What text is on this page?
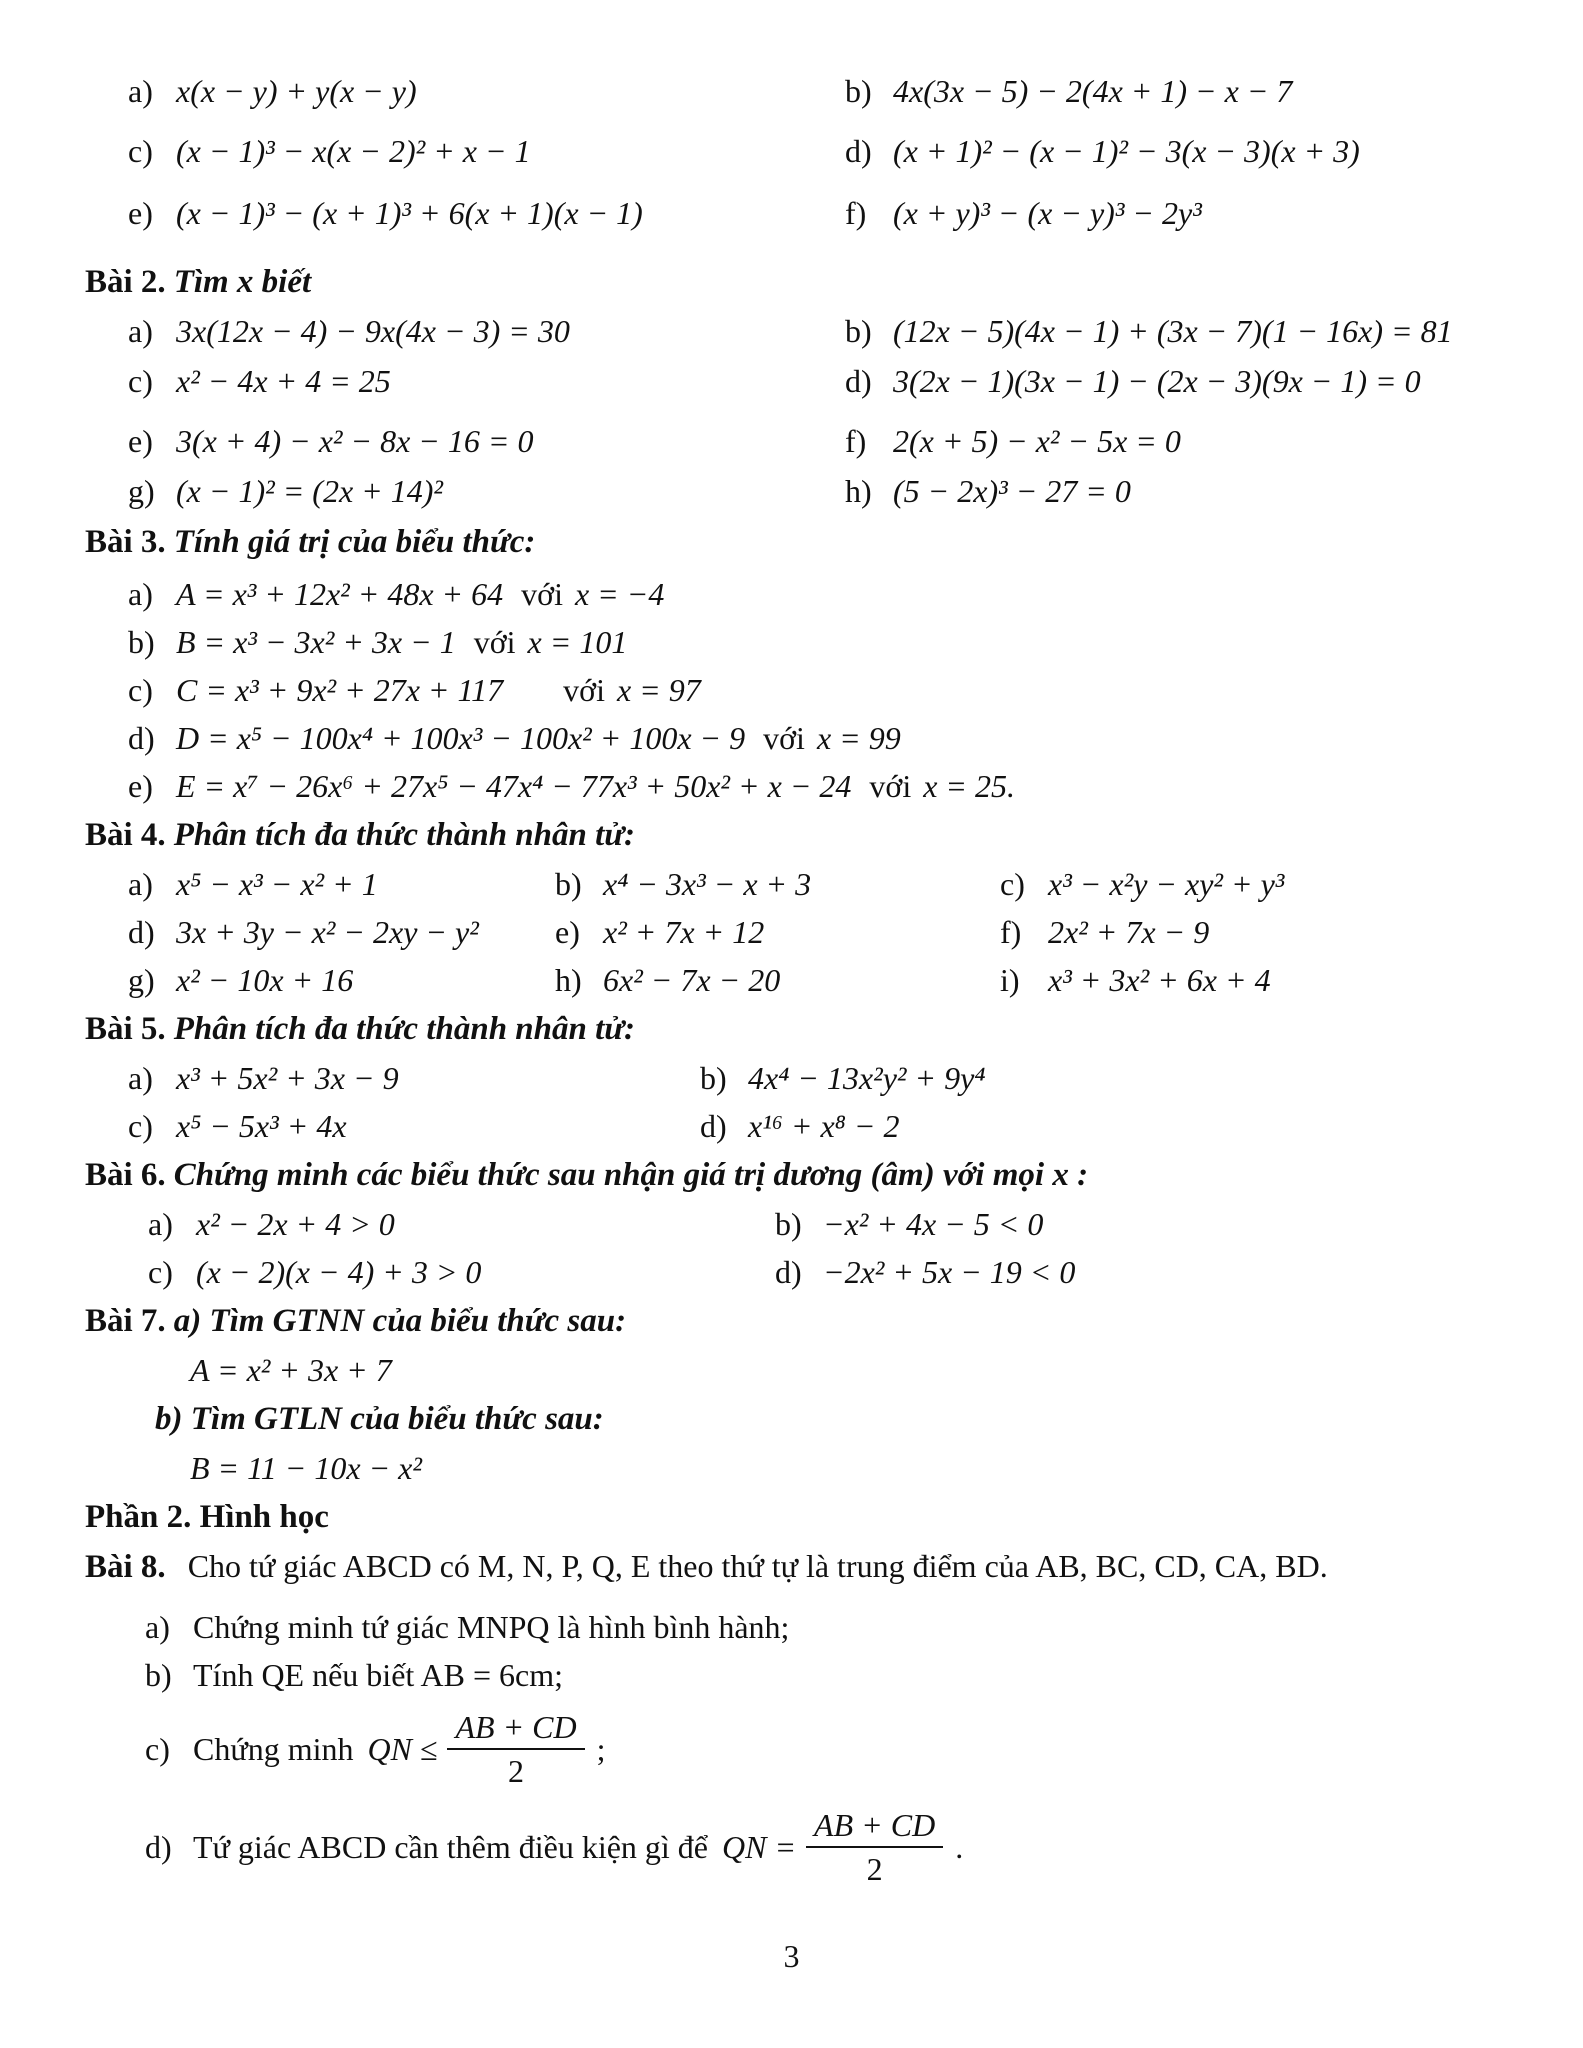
a) x(x − y) + y(x − y)	b) 4x(3x − 5) − 2(4x + 1) − x − 7
c) (x − 1)³ − x(x − 2)² + x − 1	d) (x + 1)² − (x − 1)² − 3(x − 3)(x + 3)
e) (x − 1)³ − (x + 1)³ + 6(x + 1)(x − 1)	f) (x + y)³ − (x − y)³ − 2y³
Bài 2. Tìm x biết
a) 3x(12x − 4) − 9x(4x − 3) = 30	b) (12x − 5)(4x − 1) + (3x − 7)(1 − 16x) = 81
c) x² − 4x + 4 = 25	d) 3(2x − 1)(3x − 1) − (2x − 3)(9x − 1) = 0
e) 3(x + 4) − x² − 8x − 16 = 0	f) 2(x + 5) − x² − 5x = 0
g) (x − 1)² = (2x + 14)²	h) (5 − 2x)³ − 27 = 0
Bài 3. Tính giá trị của biểu thức:
a) A = x³ + 12x² + 48x + 64 với x = −4
b) B = x³ − 3x² + 3x − 1 với x = 101
c) C = x³ + 9x² + 27x + 117 với x = 97
d) D = x⁵ − 100x⁴ + 100x³ − 100x² + 100x − 9 với x = 99
e) E = x⁷ − 26x⁶ + 27x⁵ − 47x⁴ − 77x³ + 50x² + x − 24 với x = 25.
Bài 4. Phân tích đa thức thành nhân tử:
a) x⁵ − x³ − x² + 1	b) x⁴ − 3x³ − x + 3	c) x³ − x²y − xy² + y³
d) 3x + 3y − x² − 2xy − y²	e) x² + 7x + 12	f) 2x² + 7x − 9
g) x² − 10x + 16	h) 6x² − 7x − 20	i) x³ + 3x² + 6x + 4
Bài 5. Phân tích đa thức thành nhân tử:
a) x³ + 5x² + 3x − 9	b) 4x⁴ − 13x²y² + 9y⁴
c) x⁵ − 5x³ + 4x	d) x¹⁶ + x⁸ − 2
Bài 6. Chứng minh các biểu thức sau nhận giá trị dương (âm) với mọi x :
a) x² − 2x + 4 > 0	b) −x² + 4x − 5 < 0
c) (x − 2)(x − 4) + 3 > 0	d) −2x² + 5x − 19 < 0
Bài 7. a) Tìm GTNN của biểu thức sau:
A = x² + 3x + 7
b) Tìm GTLN của biểu thức sau:
B = 11 − 10x − x²
Phần 2. Hình học
Bài 8. Cho tứ giác ABCD có M, N, P, Q, E theo thứ tự là trung điểm của AB, BC, CD, CA, BD.
a) Chứng minh tứ giác MNPQ là hình bình hành;
b) Tính QE nếu biết AB = 6cm;
c) Chứng minh QN ≤ $\frac{AB + CD}{2}$ ;
d) Tứ giác ABCD cần thêm điều kiện gì để QN = $\frac{AB + CD}{2}$ .
3
